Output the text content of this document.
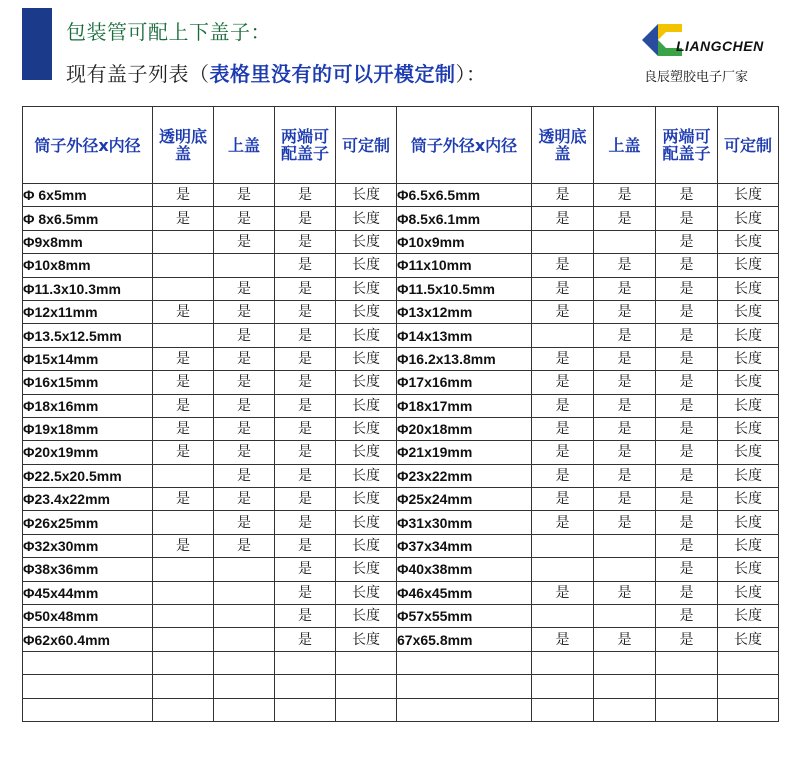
包装管可配上下盖子：
现有盖子列表（表格里没有的可以开模定制）：
LIANGCHEN
良辰塑胶电子厂家
筒子外径x内径	透明底盖	上盖	两端可配盖子	可定制	筒子外径x内径	透明底盖	上盖	两端可配盖子	可定制
Φ 6x5mm	是	是	是	长度	Φ6.5x6.5mm	是	是	是	长度
Φ 8x6.5mm	是	是	是	长度	Φ8.5x6.1mm	是	是	是	长度
Φ9x8mm		是	是	长度	Φ10x9mm			是	长度
Φ10x8mm			是	长度	Φ11x10mm	是	是	是	长度
Φ11.3x10.3mm		是	是	长度	Φ11.5x10.5mm	是	是	是	长度
Φ12x11mm	是	是	是	长度	Φ13x12mm	是	是	是	长度
Φ13.5x12.5mm		是	是	长度	Φ14x13mm		是	是	长度
Φ15x14mm	是	是	是	长度	Φ16.2x13.8mm	是	是	是	长度
Φ16x15mm	是	是	是	长度	Φ17x16mm	是	是	是	长度
Φ18x16mm	是	是	是	长度	Φ18x17mm	是	是	是	长度
Φ19x18mm	是	是	是	长度	Φ20x18mm	是	是	是	长度
Φ20x19mm	是	是	是	长度	Φ21x19mm	是	是	是	长度
Φ22.5x20.5mm		是	是	长度	Φ23x22mm	是	是	是	长度
Φ23.4x22mm	是	是	是	长度	Φ25x24mm	是	是	是	长度
Φ26x25mm		是	是	长度	Φ31x30mm	是	是	是	长度
Φ32x30mm	是	是	是	长度	Φ37x34mm			是	长度
Φ38x36mm			是	长度	Φ40x38mm			是	长度
Φ45x44mm			是	长度	Φ46x45mm	是	是	是	长度
Φ50x48mm			是	长度	Φ57x55mm			是	长度
Φ62x60.4mm			是	长度	67x65.8mm	是	是	是	长度
